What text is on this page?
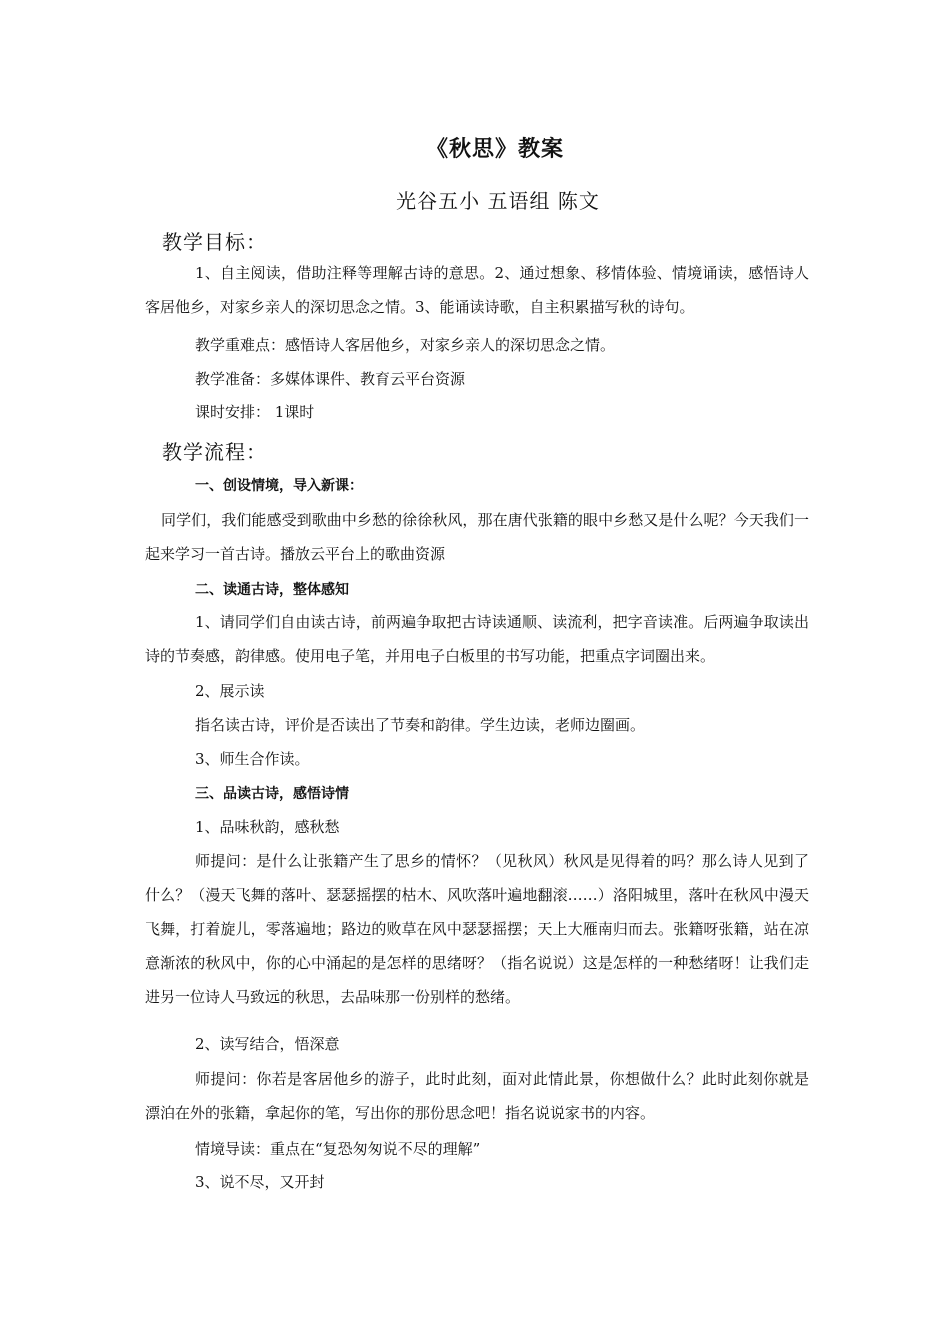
《秋思》教案
光谷五小 五语组 陈文
教学目标：

1、自主阅读，借助注释等理解古诗的意思。2、通过想象、移情体验、情境诵读，感悟诗人客居他乡，对家乡亲人的深切思念之情。3、能诵读诗歌，自主积累描写秋的诗句。

教学重难点：感悟诗人客居他乡，对家乡亲人的深切思念之情。
教学准备：多媒体课件、教育云平台资源
课时安排： 1课时
教学流程：
一、创设情境，导入新课：

同学们，我们能感受到歌曲中乡愁的徐徐秋风，那在唐代张籍的眼中乡愁又是什么呢？今天我们一起来学习一首古诗。播放云平台上的歌曲资源

二、读通古诗，整体感知

1、请同学们自由读古诗，前两遍争取把古诗读通顺、读流利，把字音读准。后两遍争取读出诗的节奏感，韵律感。使用电子笔，并用电子白板里的书写功能，把重点字词圈出来。

2、展示读
指名读古诗，评价是否读出了节奏和韵律。学生边读，老师边圈画。
3、师生合作读。
三、品读古诗，感悟诗情
1、品味秋韵，感秋愁

师提问：是什么让张籍产生了思乡的情怀？（见秋风）秋风是见得着的吗？那么诗人见到了什么？（漫天飞舞的落叶、瑟瑟摇摆的枯木、风吹落叶遍地翻滚……）洛阳城里，落叶在秋风中漫天飞舞，打着旋儿，零落遍地；路边的败草在风中瑟瑟摇摆；天上大雁南归而去。张籍呀张籍，站在凉意渐浓的秋风中，你的心中涌起的是怎样的思绪呀？（指名说说）这是怎样的一种愁绪呀！让我们走进另一位诗人马致远的秋思，去品味那一份别样的愁绪。

2、读写结合，悟深意

师提问：你若是客居他乡的游子，此时此刻，面对此情此景，你想做什么？此时此刻你就是漂泊在外的张籍，拿起你的笔，写出你的那份思念吧！指名说说家书的内容。

情境导读：重点在“复恐匆匆说不尽的理解”
3、说不尽，又开封
